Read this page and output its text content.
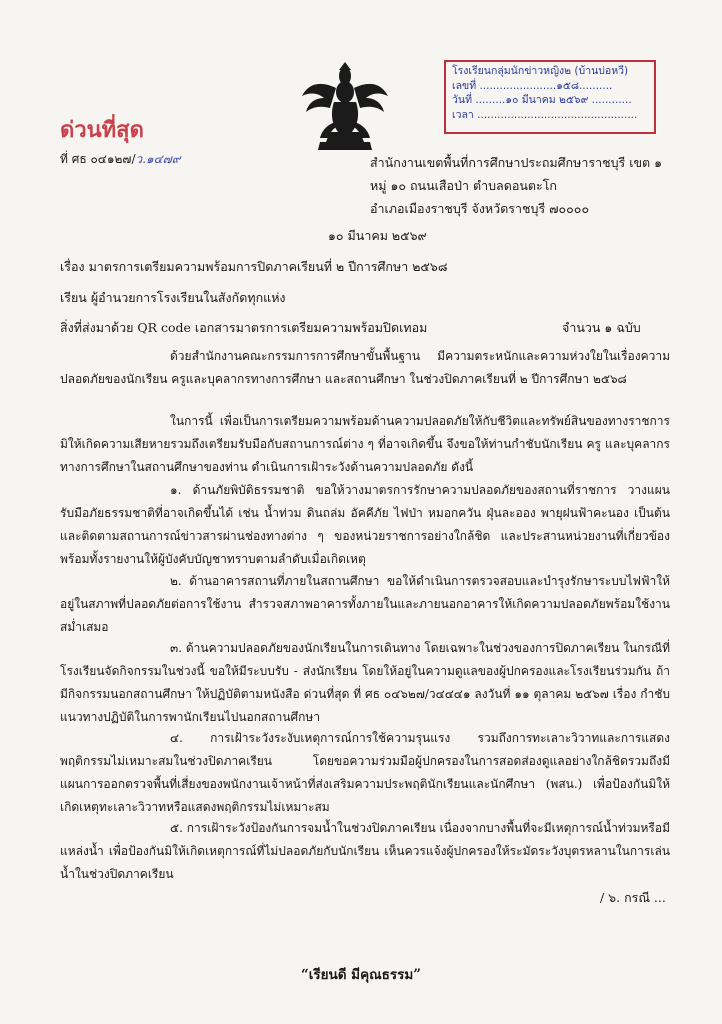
ด่วนที่สุด
ที่ ศธ ๐๔๑๒๗/ว.๑๔๗๙
โรงเรียนกลุ่มนักข่าวหญิง๒ (บ้านบ่อหวี)
เลขที่ .......................๑๕๘..........
วันที่ .........๑๐ มีนาคม ๒๕๖๙ ............
เวลา ................................................
สำนักงานเขตพื้นที่การศึกษาประถมศึกษาราชบุรี เขต ๑
หมู่ ๑๐ ถนนเสือป่า ตำบลดอนตะโก
อำเภอเมืองราชบุรี จังหวัดราชบุรี ๗๐๐๐๐
๑๐ มีนาคม ๒๕๖๙
เรื่อง มาตรการเตรียมความพร้อมการปิดภาคเรียนที่ ๒ ปีการศึกษา ๒๕๖๘
เรียน ผู้อำนวยการโรงเรียนในสังกัดทุกแห่ง
สิ่งที่ส่งมาด้วย QR code เอกสารมาตรการเตรียมความพร้อมปิดเทอม	จำนวน ๑ ฉบับ
ด้วยสำนักงานคณะกรรมการการศึกษาขั้นพื้นฐาน มีความตระหนักและความห่วงใยในเรื่องความปลอดภัยของนักเรียน ครูและบุคลากรทางการศึกษา และสถานศึกษา ในช่วงปิดภาคเรียนที่ ๒ ปีการศึกษา ๒๕๖๘
ในการนี้ เพื่อเป็นการเตรียมความพร้อมด้านความปลอดภัยให้กับชีวิตและทรัพย์สินของทางราชการมิให้เกิดความเสียหายรวมถึงเตรียมรับมือกับสถานการณ์ต่าง ๆ ที่อาจเกิดขึ้น จึงขอให้ท่านกำชับนักเรียน ครู และบุคลากรทางการศึกษาในสถานศึกษาของท่าน ดำเนินการเฝ้าระวังด้านความปลอดภัย ดังนี้
๑. ด้านภัยพิบัติธรรมชาติ ขอให้วางมาตรการรักษาความปลอดภัยของสถานที่ราชการ วางแผนรับมือภัยธรรมชาติที่อาจเกิดขึ้นได้ เช่น น้ำท่วม ดินถล่ม อัคคีภัย ไฟป่า หมอกควัน ฝุ่นละออง พายุฝนฟ้าคะนอง เป็นต้น และติดตามสถานการณ์ข่าวสารผ่านช่องทางต่าง ๆ ของหน่วยราชการอย่างใกล้ชิด และประสานหน่วยงานที่เกี่ยวข้องพร้อมทั้งรายงานให้ผู้บังคับบัญชาทราบตามลำดับเมื่อเกิดเหตุ
๒. ด้านอาคารสถานที่ภายในสถานศึกษา ขอให้ดำเนินการตรวจสอบและบำรุงรักษาระบบไฟฟ้าให้อยู่ในสภาพที่ปลอดภัยต่อการใช้งาน สำรวจสภาพอาคารทั้งภายในและภายนอกอาคารให้เกิดความปลอดภัยพร้อมใช้งานสม่ำเสมอ
๓. ด้านความปลอดภัยของนักเรียนในการเดินทาง โดยเฉพาะในช่วงของการปิดภาคเรียน ในกรณีที่โรงเรียนจัดกิจกรรมในช่วงนี้ ขอให้มีระบบรับ - ส่งนักเรียน โดยให้อยู่ในความดูแลของผู้ปกครองและโรงเรียนร่วมกัน ถ้ามีกิจกรรมนอกสถานศึกษา ให้ปฏิบัติตามหนังสือ ด่วนที่สุด ที่ ศธ ๐๔๖๒๗/ว๔๔๔๑ ลงวันที่ ๑๑ ตุลาคม ๒๕๖๗ เรื่อง กำชับแนวทางปฏิบัติในการพานักเรียนไปนอกสถานศึกษา
๔. การเฝ้าระวังระงับเหตุการณ์การใช้ความรุนแรง รวมถึงการทะเลาะวิวาทและการแสดงพฤติกรรมไม่เหมาะสมในช่วงปิดภาคเรียน โดยขอความร่วมมือผู้ปกครองในการสอดส่องดูแลอย่างใกล้ชิดรวมถึงมีแผนการออกตรวจพื้นที่เสี่ยงของพนักงานเจ้าหน้าที่ส่งเสริมความประพฤตินักเรียนและนักศึกษา (พสน.) เพื่อป้องกันมิให้เกิดเหตุทะเลาะวิวาทหรือแสดงพฤติกรรมไม่เหมาะสม
๕. การเฝ้าระวังป้องกันการจมน้ำในช่วงปิดภาคเรียน เนื่องจากบางพื้นที่จะมีเหตุการณ์น้ำท่วมหรือมีแหล่งน้ำ เพื่อป้องกันมิให้เกิดเหตุการณ์ที่ไม่ปลอดภัยกับนักเรียน เห็นควรแจ้งผู้ปกครองให้ระมัดระวังบุตรหลานในการเล่นน้ำในช่วงปิดภาคเรียน
/ ๖. กรณี ...
“เรียนดี มีคุณธรรม”
